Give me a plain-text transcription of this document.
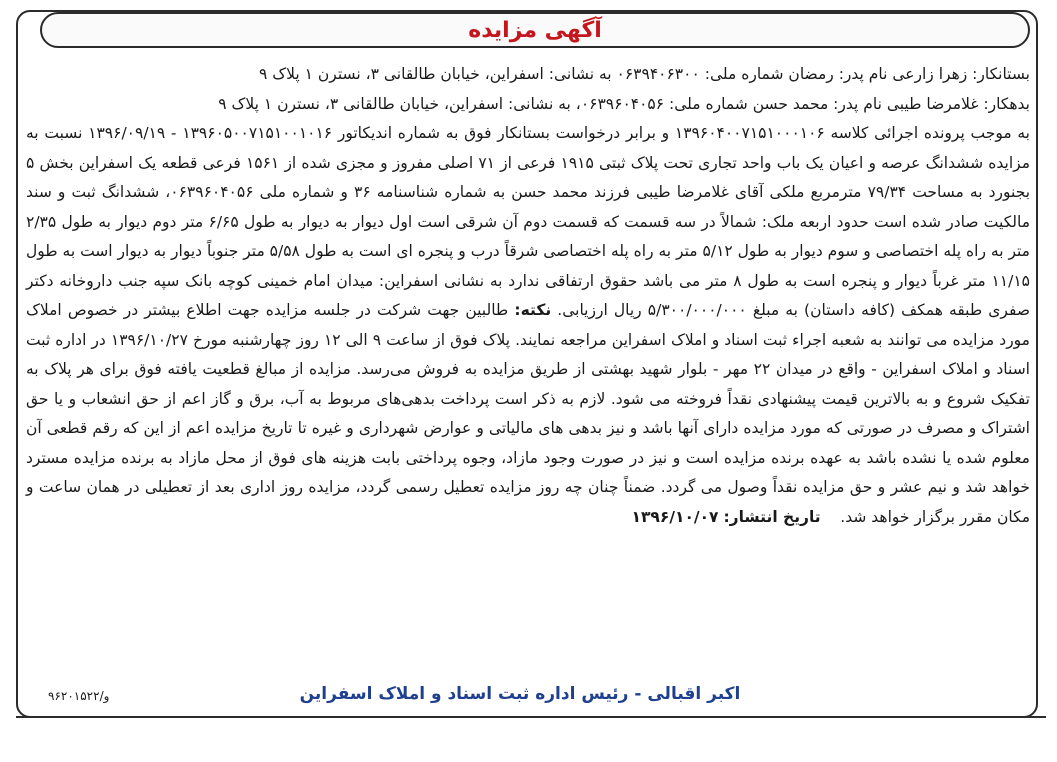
آگهی مزایده

بستانکار: زهرا زارعی نام پدر: رمضان شماره ملی: ۰۶۳۹۴۰۶۳۰۰ به نشانی: اسفراین، خیابان طالقانی ۳، نسترن ۱ پلاک ۹

بدهکار: غلامرضا طیبی نام پدر: محمد حسن شماره ملی: ۰۶۳۹۶۰۴۰۵۶، به نشانی: اسفراین، خیابان طالقانی ۳، نسترن ۱ پلاک ۹

به موجب پرونده اجرائی کلاسه ۱۳۹۶۰۴۰۰۷۱۵۱۰۰۰۱۰۶ و برابر درخواست بستانکار فوق به شماره اندیکاتور ۱۳۹۶۰۵۰۰۷۱۵۱۰۰۱۰۱۶ - ۱۳۹۶/۰۹/۱۹ نسبت به مزایده ششدانگ عرصه و اعیان یک باب واحد تجاری تحت پلاک ثبتی ۱۹۱۵ فرعی از ۷۱ اصلی مفروز و مجزی شده از ۱۵۶۱ فرعی قطعه یک اسفراین بخش ۵ بجنورد به مساحت ۷۹/۳۴ مترمربع ملکی آقای غلامرضا طیبی فرزند محمد حسن به شماره شناسنامه ۳۶ و شماره ملی ۰۶۳۹۶۰۴۰۵۶، ششدانگ ثبت و سند مالکیت صادر شده است حدود اربعه ملک: شمالاً در سه قسمت که قسمت دوم آن شرقی است اول دیوار به دیوار به طول ۶/۶۵ متر دوم دیوار به طول ۲/۳۵ متر به راه پله اختصاصی و سوم دیوار به طول ۵/۱۲ متر به راه پله اختصاصی شرقاً درب و پنجره ای است به طول ۵/۵۸ متر جنوباً دیوار به دیوار است به طول ۱۱/۱۵ متر غرباً دیوار و پنجره است به طول ۸ متر می باشد حقوق ارتفاقی ندارد به نشانی اسفراین: میدان امام خمینی کوچه بانک سپه جنب داروخانه دکتر صفری طبقه همکف (کافه داستان) به مبلغ ۵/۳۰۰/۰۰۰/۰۰۰ ریال ارزیابی. نکته: طالبین جهت شرکت در جلسه مزایده جهت اطلاع بیشتر در خصوص املاک مورد مزایده می توانند به شعبه اجراء ثبت اسناد و املاک اسفراین مراجعه نمایند. پلاک فوق از ساعت ۹ الی ۱۲ روز چهارشنبه مورخ ۱۳۹۶/۱۰/۲۷ در اداره ثبت اسناد و املاک اسفراین - واقع در میدان ۲۲ مهر - بلوار شهید بهشتی از طریق مزایده به فروش می‌رسد. مزایده از مبالغ قطعیت یافته فوق برای هر پلاک به تفکیک شروع و به بالاترین قیمت پیشنهادی نقداً فروخته می شود. لازم به ذکر است پرداخت بدهی‌های مربوط به آب، برق و گاز اعم از حق انشعاب و یا حق اشتراک و مصرف در صورتی که مورد مزایده دارای آنها باشد و نیز بدهی های مالیاتی و عوارض شهرداری و غیره تا تاریخ مزایده اعم از این که رقم قطعی آن معلوم شده یا نشده باشد به عهده برنده مزایده است و نیز در صورت وجود مازاد، وجوه پرداختی بابت هزینه های فوق از محل مازاد به برنده مزایده مسترد خواهد شد و نیم عشر و حق مزایده نقداً وصول می گردد. ضمناً چنان چه روز مزایده تعطیل رسمی گردد، مزایده روز اداری بعد از تعطیلی در همان ساعت و مکان مقرر برگزار خواهد شد.    تاریخ انتشار: ۱۳۹۶/۱۰/۰۷

اکبر اقبالی - رئیس اداره ثبت اسناد و املاک اسفراین
۹۶۲۰۱۵۲۲/و
